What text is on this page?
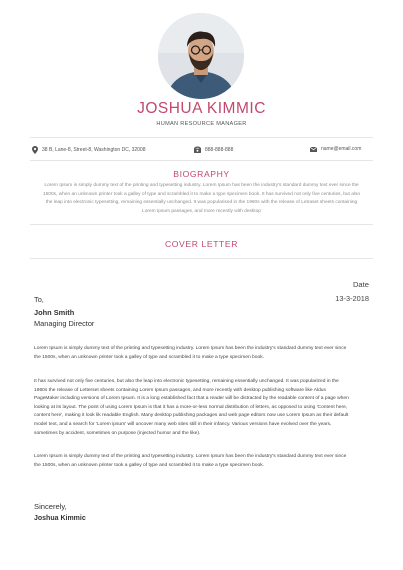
JOSHUA KIMMIC
HUMAN RESOURCE MANAGER
38 B, Lane-8, Street-8, Washington DC, 32008	888-888-888	name@email.com
BIOGRAPHY
Lorem Ipsum is simply dummy text of the printing and typesetting industry. Lorem Ipsum has been the industry's standard dummy text ever since the
1500s, when an unknown printer took a galley of type and scrambled it to make a type specimen book. It has survived not only five centuries, but also
the leap into electronic typesetting, remaining essentially unchanged. It was popularised in the 1960s with the release of Letraset sheets containing
Lorem Ipsum passages, and more recently with desktop
COVER LETTER
Date
13-3-2018
To,
John Smith
Managing Director
Lorem Ipsum is simply dummy text of the printing and typesetting industry. Lorem Ipsum has been the industry's standard dummy text ever since
the 1500s, when an unknown printer took a galley of type and scrambled it to make a type specimen book.
It has survived not only five centuries, but also the leap into electronic typesetting, remaining essentially unchanged. It was popularized in the
1960s the release of Letterset sheets containing Lorem Ipsum passages, and more recently with desktop publishing software like Aldus
PageMaker including versions of Lorem Ipsum. It is a long established fact that a reader will be distracted by the readable content of a page when
looking at its layout. The point of using Lorem Ipsum is that it has a more-or-less normal distribution of letters, as opposed to using 'Content here,
content here', making it look lik readable English. Many desktop publishing packages and web page editors now use Lorem Ipsum as their default
model text, and a search for 'Lorem ipsum' will uncover many web sites still in their infancy. Various versions have evolved over the years,
sometimes by accident, sometimes on purpose (injected humor and the like).
Lorem Ipsum is simply dummy text of the printing and typesetting industry. Lorem Ipsum has been the industry's standard dummy text ever since
the 1500s, when an unknown printer took a galley of type and scrambled it to make a type specimen book.
Sincerely,
Joshua Kimmic
